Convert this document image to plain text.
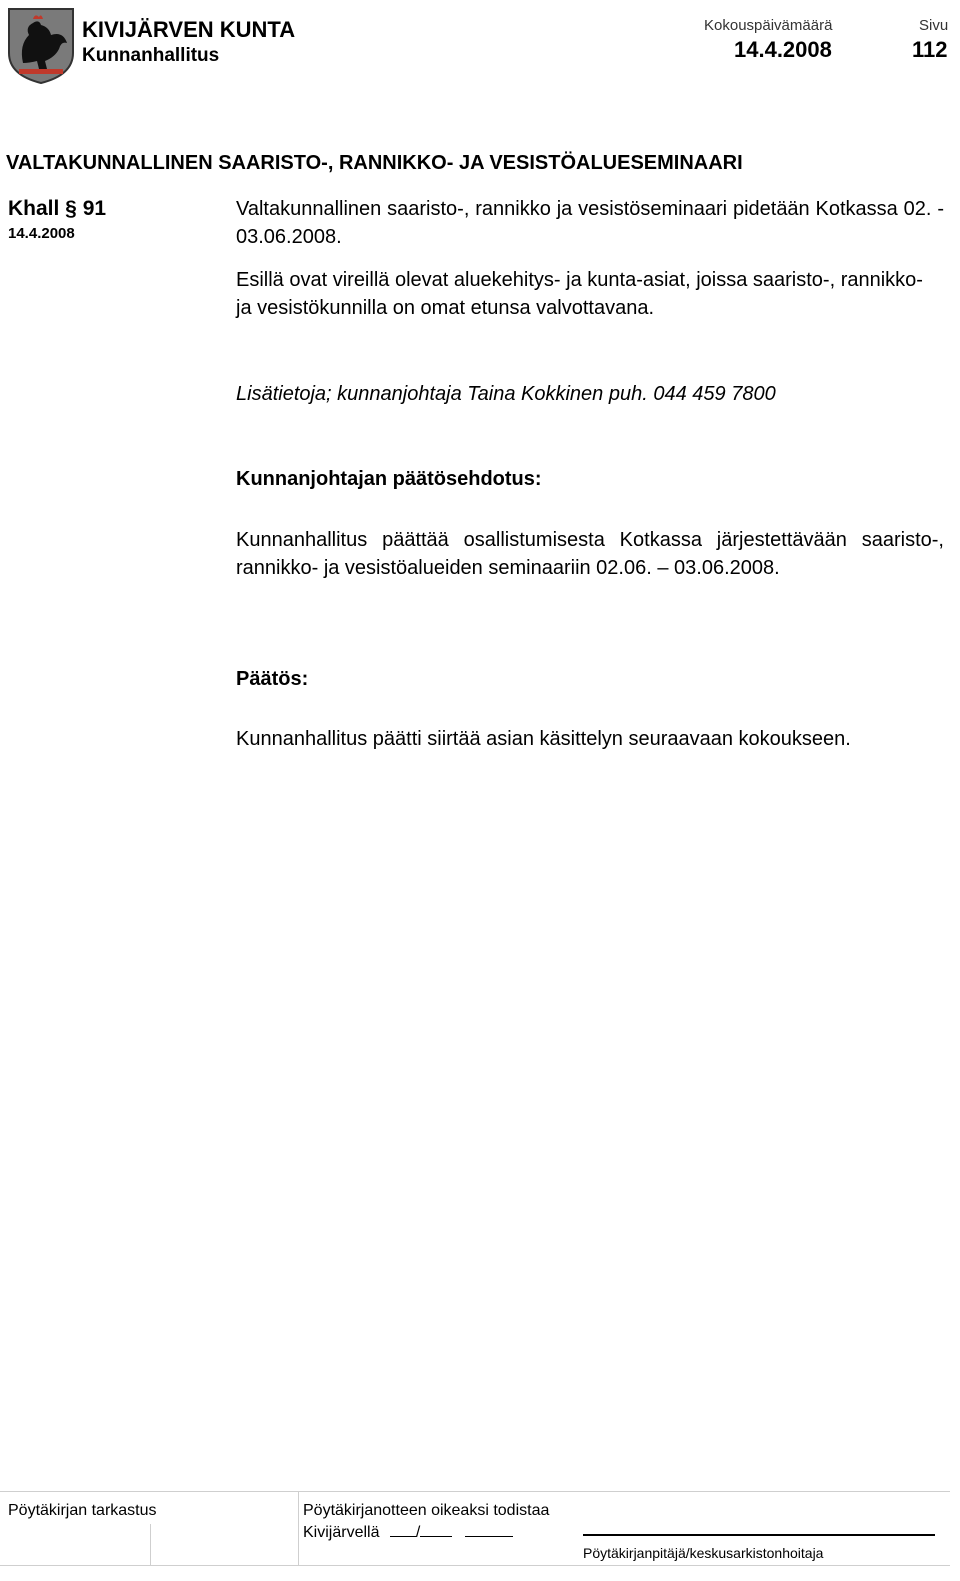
KIVIJÄRVEN KUNTA
Kunnanhallitus
Kokouspäivämäärä
14.4.2008
Sivu
112
VALTAKUNNALLINEN SAARISTO-, RANNIKKO- JA VESISTÖALUESEMINAARI
Khall § 91
14.4.2008
Valtakunnallinen saaristo-, rannikko ja vesistöseminaari pidetään Kotkassa 02. - 03.06.2008.
Esillä ovat vireillä olevat aluekehitys- ja kunta-asiat, joissa saaristo-, rannikko- ja vesistökunnilla on omat etunsa valvottavana.
Lisätietoja; kunnanjohtaja Taina Kokkinen puh. 044 459 7800
Kunnanjohtajan päätösehdotus:
Kunnanhallitus päättää osallistumisesta Kotkassa järjestettävään saaristo-, rannikko- ja vesistöalueiden seminaariin 02.06. – 03.06.2008.
Päätös:
Kunnanhallitus päätti siirtää asian käsittelyn seuraavaan kokoukseen.
Pöytäkirjan tarkastus	Pöytäkirjanotteen oikeaksi todistaa
Kivijärvellä /
Pöytäkirjanpitäjä/keskusarkistonhoitaja
